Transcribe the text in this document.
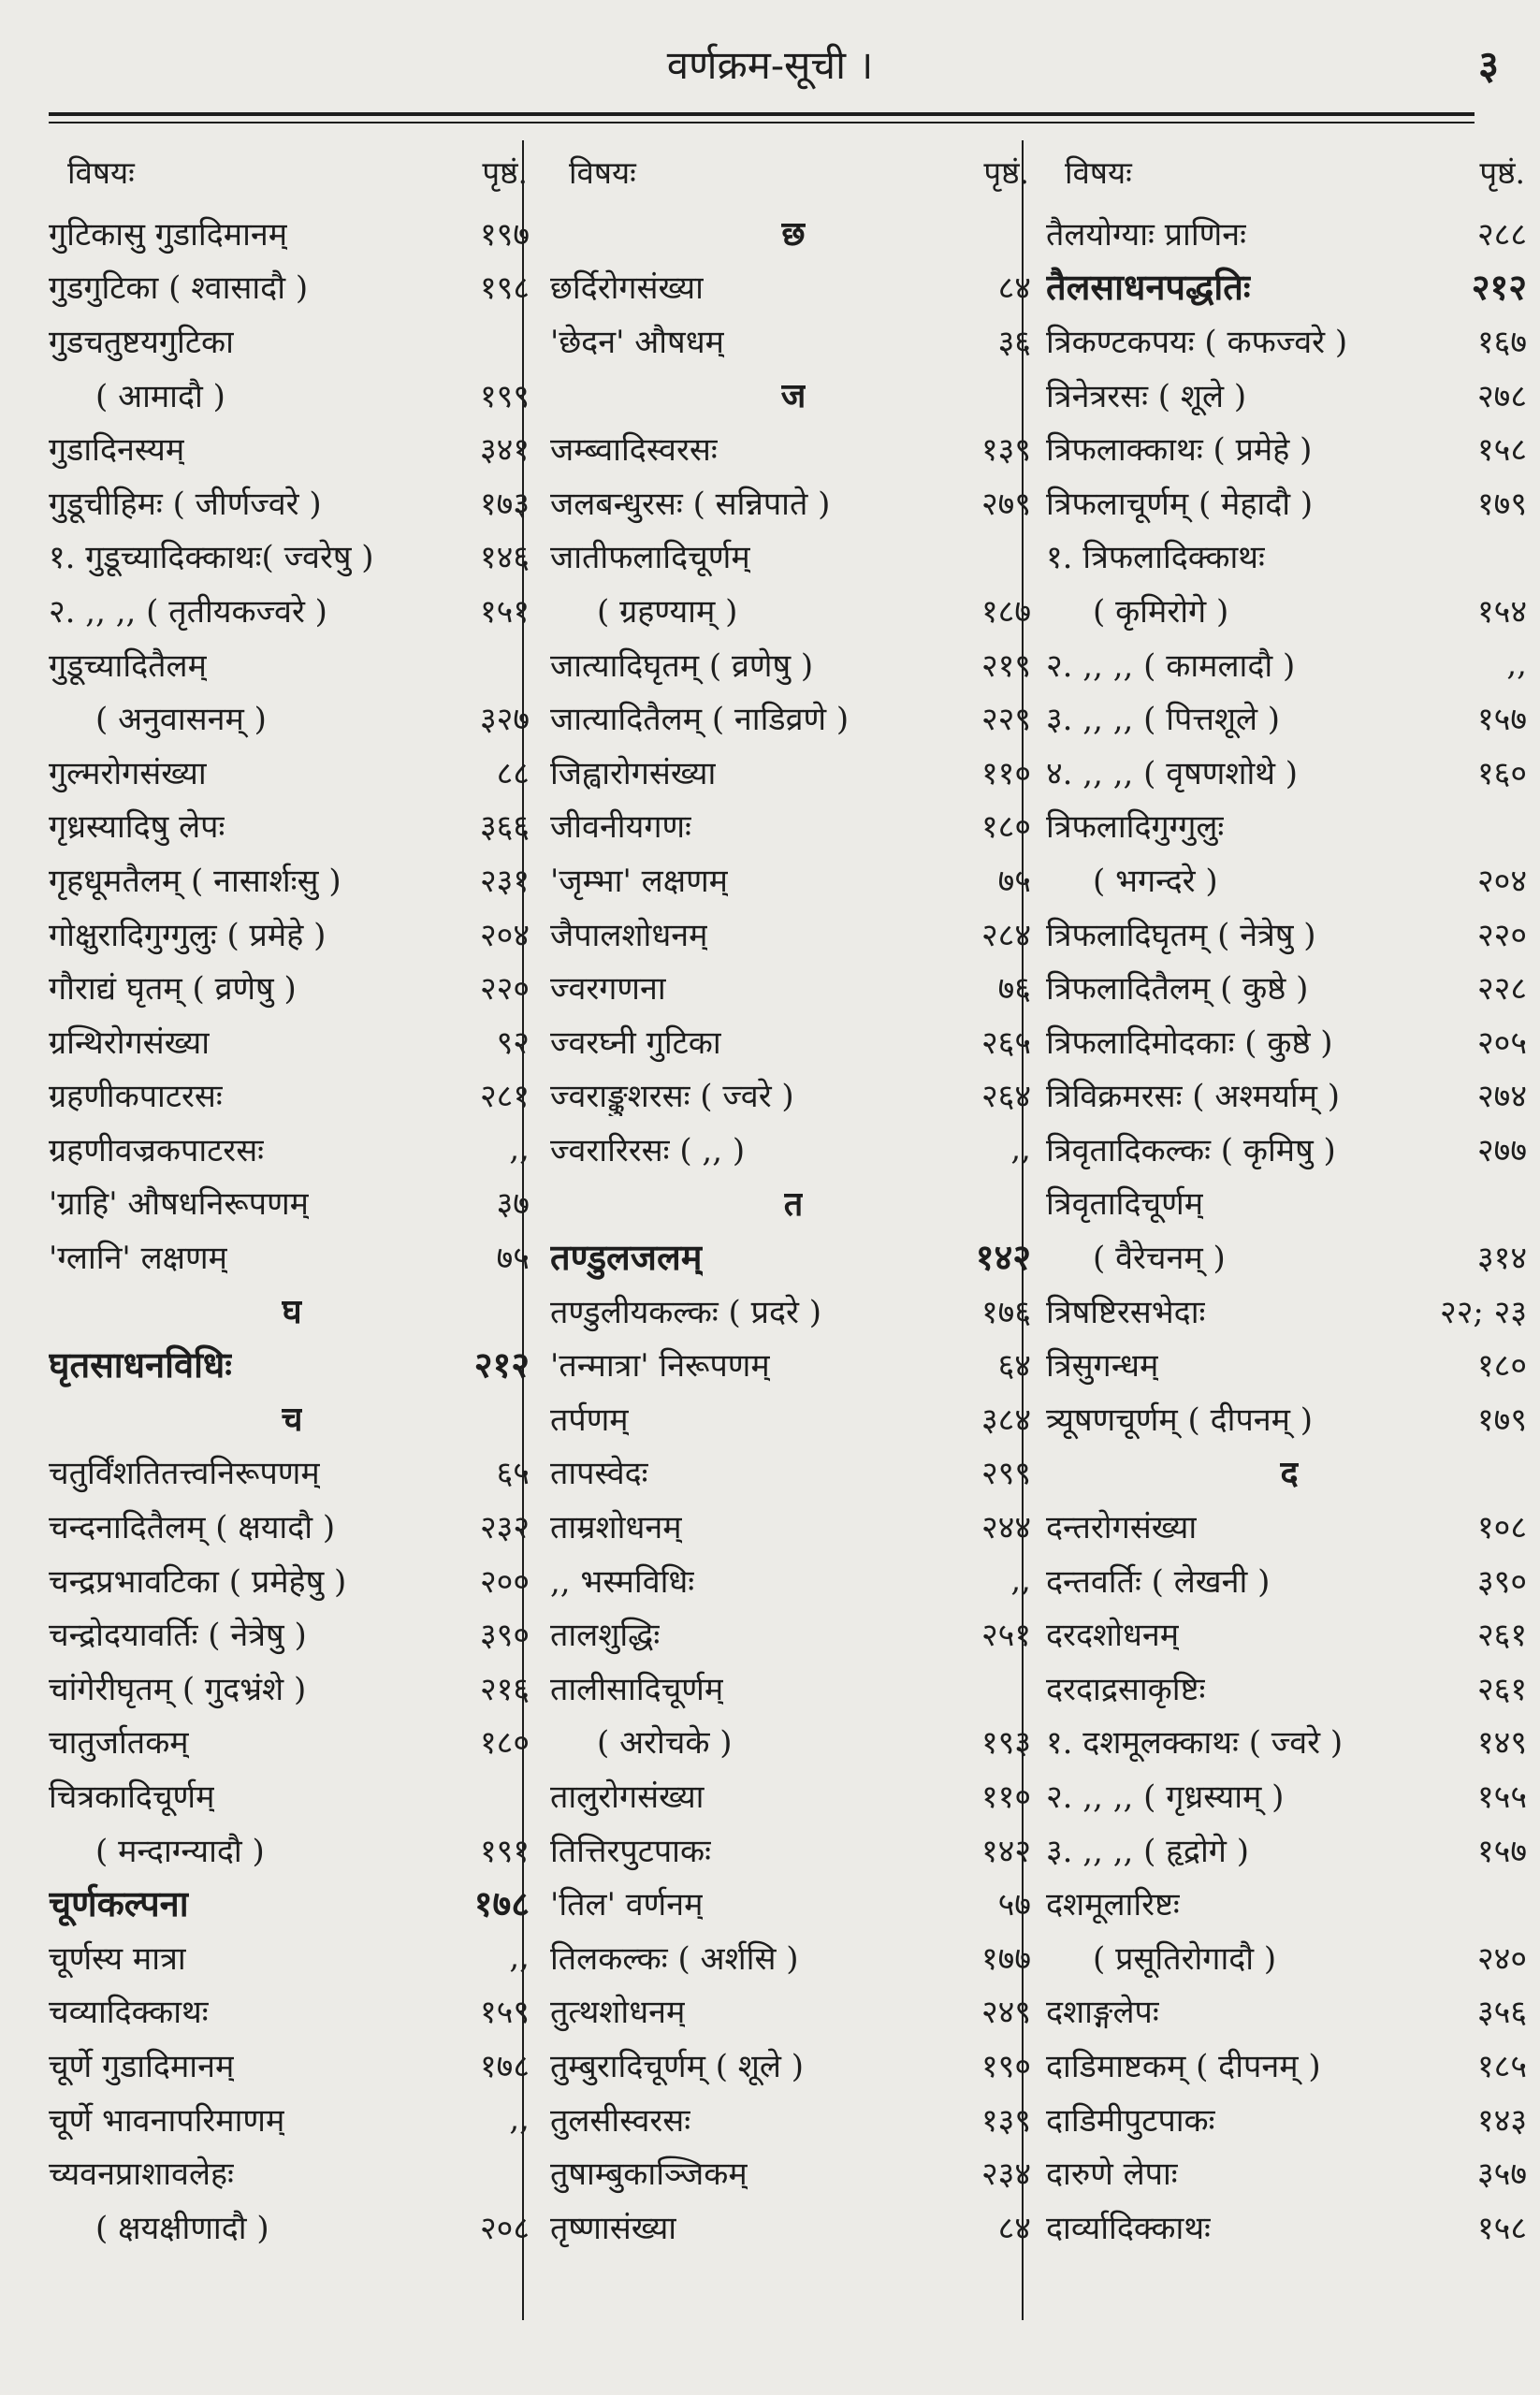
वर्णक्रम-सूची ।	३
विषयः	पृष्ठं.
गुटिकासु गुडादिमानम्	१९७
गुडगुटिका ( श्वासादौ )	१९८
गुडचतुष्टयगुटिका
( आमादौ )	१९९
गुडादिनस्यम्	३४१
गुडूचीहिमः ( जीर्णज्वरे )	१७३
१. गुडूच्यादिक्काथः( ज्वरेषु )	१४६
२. ,, ,, ( तृतीयकज्वरे )	१५१
गुडूच्यादितैलम्
( अनुवासनम् )	३२७
गुल्मरोगसंख्या	८८
गृध्रस्यादिषु लेपः	३६६
गृहधूमतैलम् ( नासार्शःसु )	२३१
गोक्षुरादिगुग्गुलुः ( प्रमेहे )	२०४
गौराद्यं घृतम् ( व्रणेषु )	२२०
ग्रन्थिरोगसंख्या	९२
ग्रहणीकपाटरसः	२८१
ग्रहणीवज्रकपाटरसः	,,
'ग्राहि' औषधनिरूपणम्	३७
'ग्लानि' लक्षणम्	७५
घ
घृतसाधनविधिः	२१२
च
चतुर्विंशतितत्त्वनिरूपणम्	६५
चन्दनादितैलम् ( क्षयादौ )	२३२
चन्द्रप्रभावटिका ( प्रमेहेषु )	२००
चन्द्रोदयावर्तिः ( नेत्रेषु )	३९०
चांगेरीघृतम् ( गुदभ्रंशे )	२१६
चातुर्जातकम्	१८०
चित्रकादिचूर्णम्
( मन्दाग्न्यादौ )	१९१
चूर्णकल्पना	१७८
चूर्णस्य मात्रा	,,
चव्यादिक्काथः	१५९
चूर्णे गुडादिमानम्	१७८
चूर्णे भावनापरिमाणम्	,,
च्यवनप्राशावलेहः
( क्षयक्षीणादौ )	२०८
विषयः	पृष्ठं.
छ
छर्दिरोगसंख्या	८४
'छेदन' औषधम्	३६
ज
जम्ब्वादिस्वरसः	१३९
जलबन्धुरसः ( सन्निपाते )	२७९
जातीफलादिचूर्णम्
( ग्रहण्याम् )	१८७
जात्यादिघृतम् ( व्रणेषु )	२१९
जात्यादितैलम् ( नाडिव्रणे )	२२९
जिह्वारोगसंख्या	११०
जीवनीयगणः	१८०
'जृम्भा' लक्षणम्	७५
जैपालशोधनम्	२८४
ज्वरगणना	७६
ज्वरघ्नी गुटिका	२६५
ज्वराङ्कुशरसः ( ज्वरे )	२६४
ज्वरारिरसः ( ,, )	,,
त
तण्डुलजलम्	१४२
तण्डुलीयकल्कः ( प्रदरे )	१७६
'तन्मात्रा' निरूपणम्	६४
तर्पणम्	३८४
तापस्वेदः	२९९
ताम्रशोधनम्	२४४
,, भस्मविधिः	,,
तालशुद्धिः	२५१
तालीसादिचूर्णम्
( अरोचके )	१९३
तालुरोगसंख्या	११०
तित्तिरपुटपाकः	१४२
'तिल' वर्णनम्	५७
तिलकल्कः ( अर्शसि )	१७७
तुत्थशोधनम्	२४९
तुम्बुरादिचूर्णम् ( शूले )	१९०
तुलसीस्वरसः	१३९
तुषाम्बुकाञ्जिकम्	२३४
तृष्णासंख्या	८४
विषयः	पृष्ठं.
तैलयोग्याः प्राणिनः	२८८
तैलसाधनपद्धतिः	२१२
त्रिकण्टकपयः ( कफज्वरे )	१६७
त्रिनेत्ररसः ( शूले )	२७८
त्रिफलाक्काथः ( प्रमेहे )	१५८
त्रिफलाचूर्णम् ( मेहादौ )	१७९
१. त्रिफलादिक्काथः
( कृमिरोगे )	१५४
२. ,, ,, ( कामलादौ )	,,
३. ,, ,, ( पित्तशूले )	१५७
४. ,, ,, ( वृषणशोथे )	१६०
त्रिफलादिगुग्गुलुः
( भगन्दरे )	२०४
त्रिफलादिघृतम् ( नेत्रेषु )	२२०
त्रिफलादितैलम् ( कुष्ठे )	२२८
त्रिफलादिमोदकाः ( कुष्ठे )	२०५
त्रिविक्रमरसः ( अश्मर्याम् )	२७४
त्रिवृतादिकल्कः ( कृमिषु )	२७७
त्रिवृतादिचूर्णम्
( वैरेचनम् )	३१४
त्रिषष्टिरसभेदाः	२२; २३
त्रिसुगन्धम्	१८०
त्र्यूषणचूर्णम् ( दीपनम् )	१७९
द
दन्तरोगसंख्या	१०८
दन्तवर्तिः ( लेखनी )	३९०
दरदशोधनम्	२६१
दरदाद्रसाकृष्टिः	२६१
१. दशमूलक्काथः ( ज्वरे )	१४९
२. ,, ,, ( गृध्रस्याम् )	१५५
३. ,, ,, ( हृद्रोगे )	१५७
दशमूलारिष्टः
( प्रसूतिरोगादौ )	२४०
दशाङ्गलेपः	३५६
दाडिमाष्टकम् ( दीपनम् )	१८५
दाडिमीपुटपाकः	१४३
दारुणे लेपाः	३५७
दार्व्यादिक्काथः	१५८
